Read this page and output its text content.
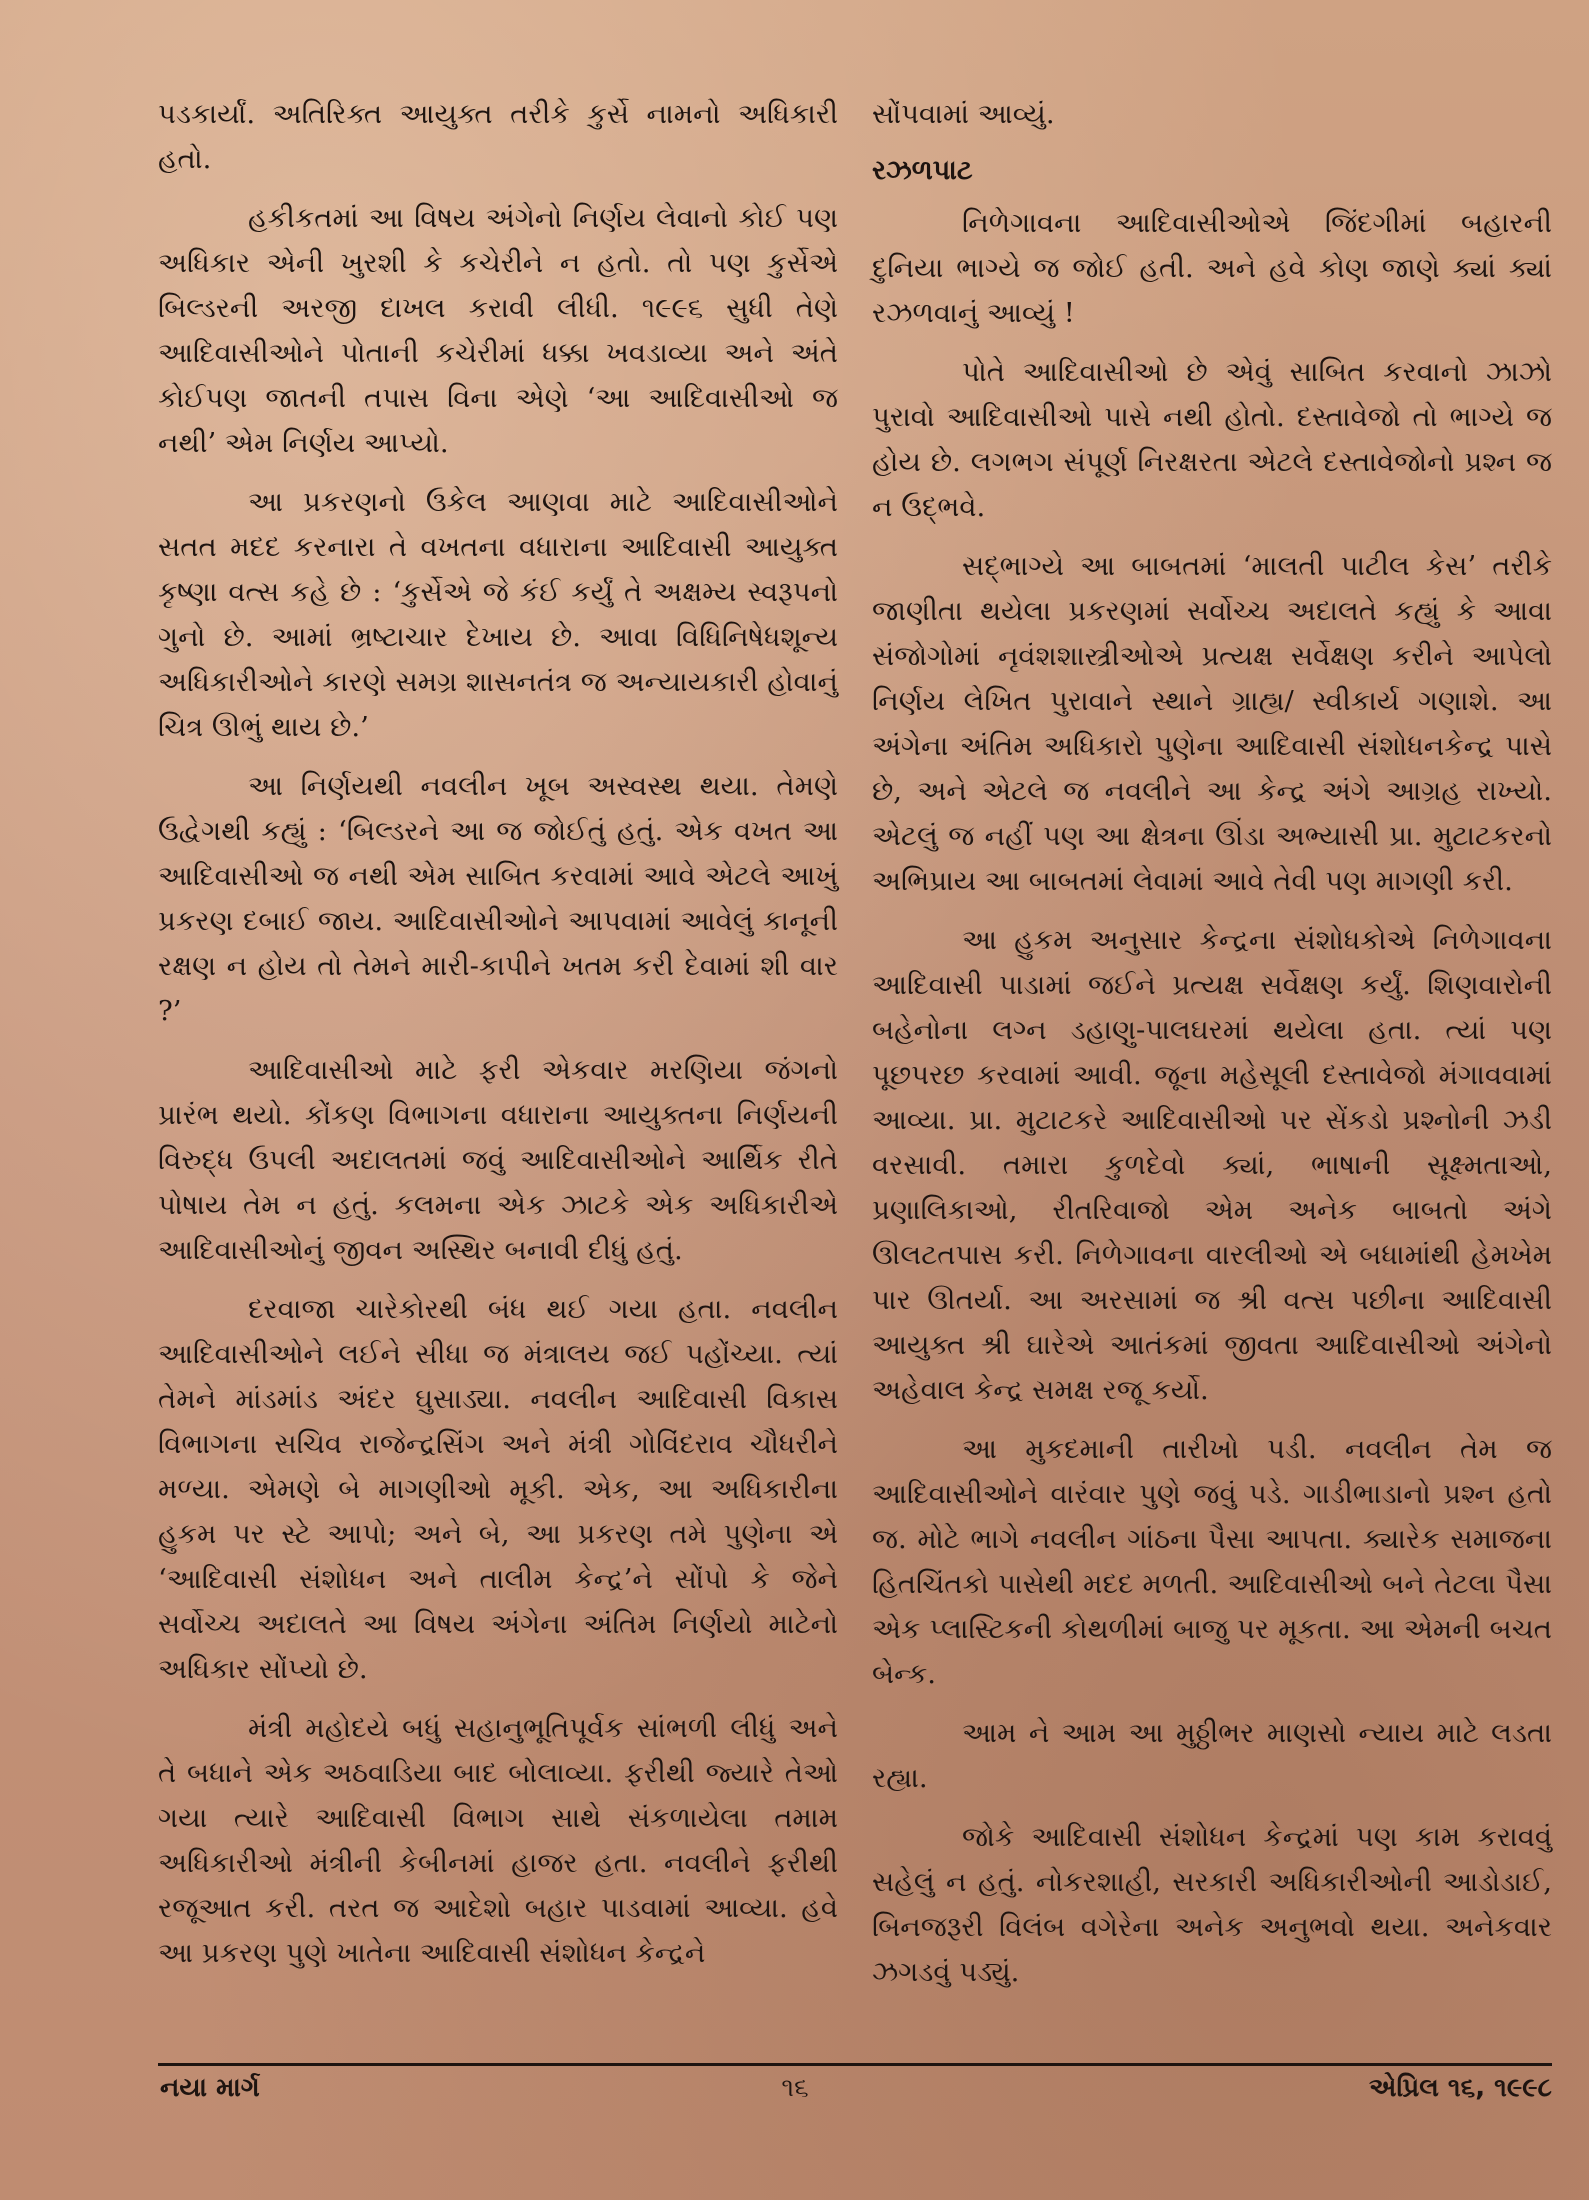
પડકાર્યાં. અતિરિક્ત આયુક્ત તરીકે કુર્સે નામનો અધિકારી હતો.

હકીકતમાં આ વિષય અંગેનો નિર્ણય લેવાનો કોઈ પણ અધિકાર એની ખુરશી કે કચેરીને ન હતો. તો પણ કુર્સેએ બિલ્ડરની અરજી દાખલ કરાવી લીધી. ૧૯૯૬ સુધી તેણે આદિવાસીઓને પોતાની કચેરીમાં ધક્કા ખવડાવ્યા અને અંતે કોઈપણ જાતની તપાસ વિના એણે ‘આ આદિવાસીઓ જ નથી’ એમ નિર્ણય આપ્યો.

આ પ્રકરણનો ઉકેલ આણવા માટે આદિવાસીઓને સતત મદદ કરનારા તે વખતના વધારાના આદિવાસી આયુક્ત કૃષ્ણા વત્સ કહે છે : ‘કુર્સેએ જે કંઈ કર્યું તે અક્ષમ્ય સ્વરૂપનો ગુનો છે. આમાં ભ્રષ્ટાચાર દેખાય છે. આવા વિધિનિષેધશૂન્ય અધિકારીઓને કારણે સમગ્ર શાસનતંત્ર જ અન્યાયકારી હોવાનું ચિત્ર ઊભું થાય છે.’

આ નિર્ણયથી નવલીન ખૂબ અસ્વસ્થ થયા. તેમણે ઉદ્વેગથી કહ્યું : ‘બિલ્ડરને આ જ જોઈતું હતું. એક વખત આ આદિવાસીઓ જ નથી એમ સાબિત કરવામાં આવે એટલે આખું પ્રકરણ દબાઈ જાય. આદિવાસીઓને આપવામાં આવેલું કાનૂની રક્ષણ ન હોય તો તેમને મારી-કાપીને ખતમ કરી દેવામાં શી વાર ?’

આદિવાસીઓ માટે ફરી એકવાર મરણિયા જંગનો પ્રારંભ થયો. કોંકણ વિભાગના વધારાના આયુક્તના નિર્ણયની વિરુદ્ધ ઉપલી અદાલતમાં જવું આદિવાસીઓને આર્થિક રીતે પોષાય તેમ ન હતું. કલમના એક ઝાટકે એક અધિકારીએ આદિવાસીઓનું જીવન અસ્થિર બનાવી દીધું હતું.

દરવાજા ચારેકોરથી બંધ થઈ ગયા હતા. નવલીન આદિવાસીઓને લઈને સીધા જ મંત્રાલય જઈ પહોંચ્યા. ત્યાં તેમને માંડમાંડ અંદર ઘુસાડ્યા. નવલીન આદિવાસી વિકાસ વિભાગના સચિવ રાજેન્દ્રસિંગ અને મંત્રી ગોવિંદરાવ ચૌધરીને મળ્યા. એમણે બે માગણીઓ મૂકી. એક, આ અધિકારીના હુકમ પર સ્ટે આપો; અને બે, આ પ્રકરણ તમે પુણેના એ ‘આદિવાસી સંશોધન અને તાલીમ કેન્દ્ર’ને સોંપો કે જેને સર્વોચ્ચ અદાલતે આ વિષય અંગેના અંતિમ નિર્ણયો માટેનો અધિકાર સોંપ્યો છે.

મંત્રી મહોદયે બધું સહાનુભૂતિપૂર્વક સાંભળી લીધું અને તે બધાને એક અઠવાડિયા બાદ બોલાવ્યા. ફરીથી જ્યારે તેઓ ગયા ત્યારે આદિવાસી વિભાગ સાથે સંકળાયેલા તમામ અધિકારીઓ મંત્રીની કેબીનમાં હાજર હતા. નવલીને ફરીથી રજૂઆત કરી. તરત જ આદેશો બહાર પાડવામાં આવ્યા. હવે આ પ્રકરણ પુણે ખાતેના આદિવાસી સંશોધન કેન્દ્રને

સોંપવામાં આવ્યું.

રઝળપાટ

નિળેગાવના આદિવાસીઓએ જિંદગીમાં બહારની દુનિયા ભાગ્યે જ જોઈ હતી. અને હવે કોણ જાણે ક્યાં ક્યાં રઝળવાનું આવ્યું !

પોતે આદિવાસીઓ છે એવું સાબિત કરવાનો ઝાઝો પુરાવો આદિવાસીઓ પાસે નથી હોતો. દસ્તાવેજો તો ભાગ્યે જ હોય છે. લગભગ સંપૂર્ણ નિરક્ષરતા એટલે દસ્તાવેજોનો પ્રશ્ન જ ન ઉદ્ભવે.

સદ્ભાગ્યે આ બાબતમાં ‘માલતી પાટીલ કેસ’ તરીકે જાણીતા થયેલા પ્રકરણમાં સર્વોચ્ચ અદાલતે કહ્યું કે આવા સંજોગોમાં નૃવંશશાસ્ત્રીઓએ પ્રત્યક્ષ સર્વેક્ષણ કરીને આપેલો નિર્ણય લેખિત પુરાવાને સ્થાને ગ્રાહ્ય/ સ્વીકાર્ય ગણાશે. આ અંગેના અંતિમ અધિકારો પુણેના આદિવાસી સંશોધનકેન્દ્ર પાસે છે, અને એટલે જ નવલીને આ કેન્દ્ર અંગે આગ્રહ રાખ્યો. એટલું જ નહીં પણ આ ક્ષેત્રના ઊંડા અભ્યાસી પ્રા. મુટાટકરનો અભિપ્રાય આ બાબતમાં લેવામાં આવે તેવી પણ માગણી કરી.

આ હુકમ અનુસાર કેન્દ્રના સંશોધકોએ નિળેગાવના આદિવાસી પાડામાં જઈને પ્રત્યક્ષ સર્વેક્ષણ કર્યું. શિણવારોની બહેનોના લગ્ન ડહાણુ-પાલઘરમાં થયેલા હતા. ત્યાં પણ પૂછપરછ કરવામાં આવી. જૂના મહેસૂલી દસ્તાવેજો મંગાવવામાં આવ્યા. પ્રા. મુટાટકરે આદિવાસીઓ પર સેંકડો પ્રશ્નોની ઝડી વરસાવી. તમારા કુળદેવો ક્યાં, ભાષાની સૂક્ષ્મતાઓ, પ્રણાલિકાઓ, રીતરિવાજો એમ અનેક બાબતો અંગે ઊલટતપાસ કરી. નિળેગાવના વારલીઓ એ બધામાંથી હેમખેમ પાર ઊતર્યા. આ અરસામાં જ શ્રી વત્સ પછીના આદિવાસી આયુક્ત શ્રી ઘારેએ આતંકમાં જીવતા આદિવાસીઓ અંગેનો અહેવાલ કેન્દ્ર સમક્ષ રજૂ કર્યો.

આ મુકદમાની તારીખો પડી. નવલીન તેમ જ આદિવાસીઓને વારંવાર પુણે જવું પડે. ગાડીભાડાનો પ્રશ્ન હતો જ. મોટે ભાગે નવલીન ગાંઠના પૈસા આપતા. ક્યારેક સમાજના હિતચિંતકો પાસેથી મદદ મળતી. આદિવાસીઓ બને તેટલા પૈસા એક પ્લાસ્ટિકની કોથળીમાં બાજુ પર મૂકતા. આ એમની બચત બેન્ક.

આમ ને આમ આ મુઠ્ઠીભર માણસો ન્યાય માટે લડતા રહ્યા.

જોકે આદિવાસી સંશોધન કેન્દ્રમાં પણ કામ કરાવવું સહેલું ન હતું. નોકરશાહી, સરકારી અધિકારીઓની આડોડાઈ, બિનજરૂરી વિલંબ વગેરેના અનેક અનુભવો થયા. અનેકવાર ઝગડવું પડ્યું.

નયા માર્ગ	૧૬	એપ્રિલ ૧૬, ૧૯૯૮
